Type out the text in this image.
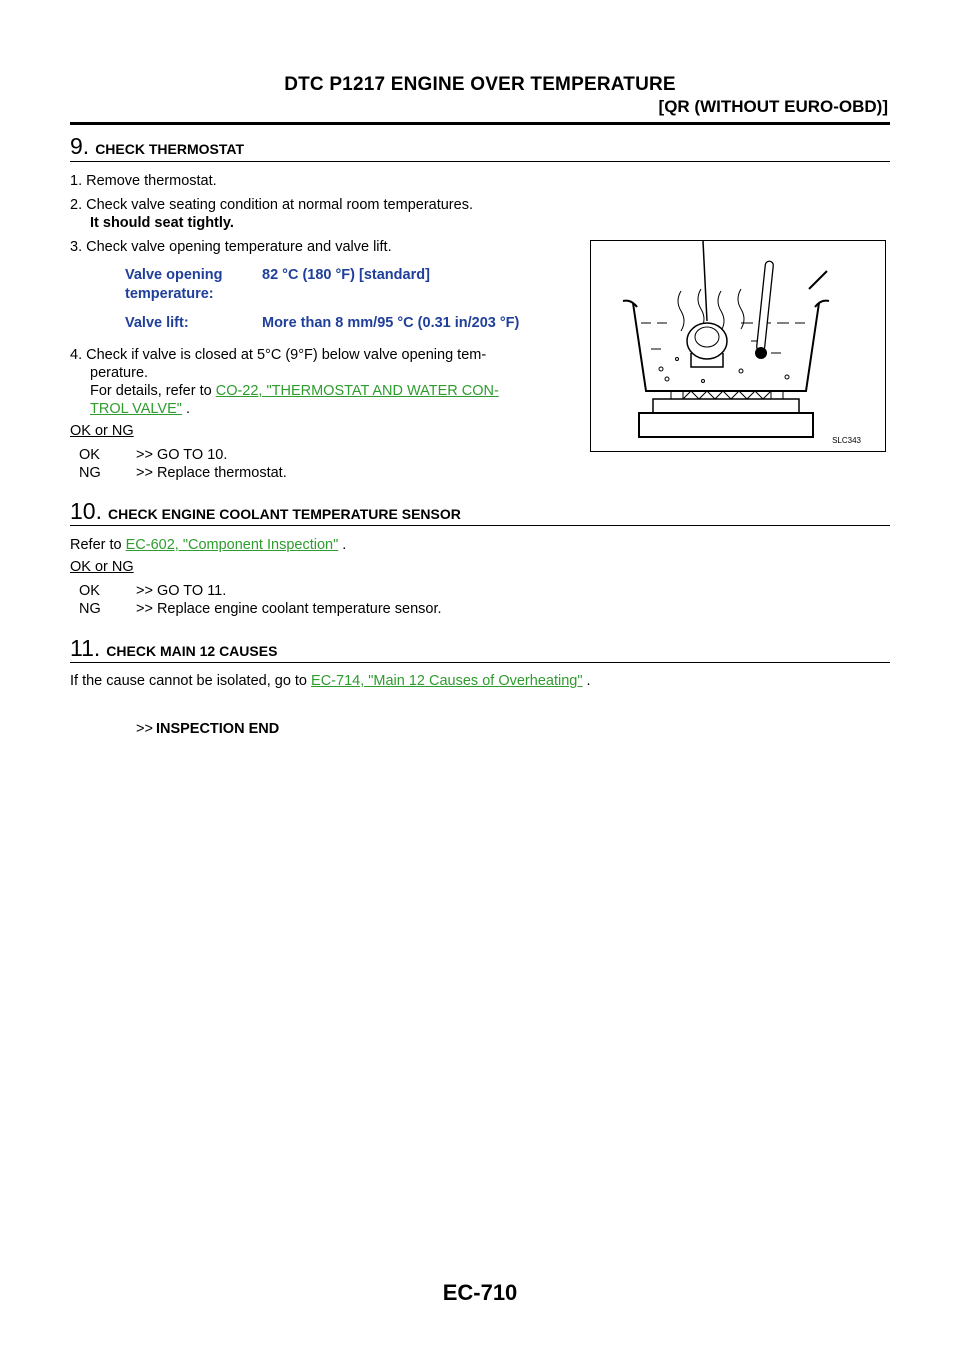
DTC P1217 ENGINE OVER TEMPERATURE
[QR (WITHOUT EURO-OBD)]
9. CHECK THERMOSTAT
1. Remove thermostat.
2. Check valve seating condition at normal room temperatures.
It should seat tightly.
3. Check valve opening temperature and valve lift.
Valve opening
temperature:
82 °C (180 °F) [standard]
Valve lift:	More than 8 mm/95 °C (0.31 in/203 °F)
4. Check if valve is closed at 5°C (9°F) below valve opening tem-
perature.
For details, refer to CO-22, "THERMOSTAT AND WATER CON-
TROL VALVE" .
OK or NG
OK >> GO TO 10.
NG >> Replace thermostat.
SLC343
10. CHECK ENGINE COOLANT TEMPERATURE SENSOR
Refer to EC-602, "Component Inspection" .
OK or NG
OK >> GO TO 11.
NG >> Replace engine coolant temperature sensor.
11. CHECK MAIN 12 CAUSES
If the cause cannot be isolated, go to EC-714, "Main 12 Causes of Overheating" .
>> INSPECTION END
EC-710
